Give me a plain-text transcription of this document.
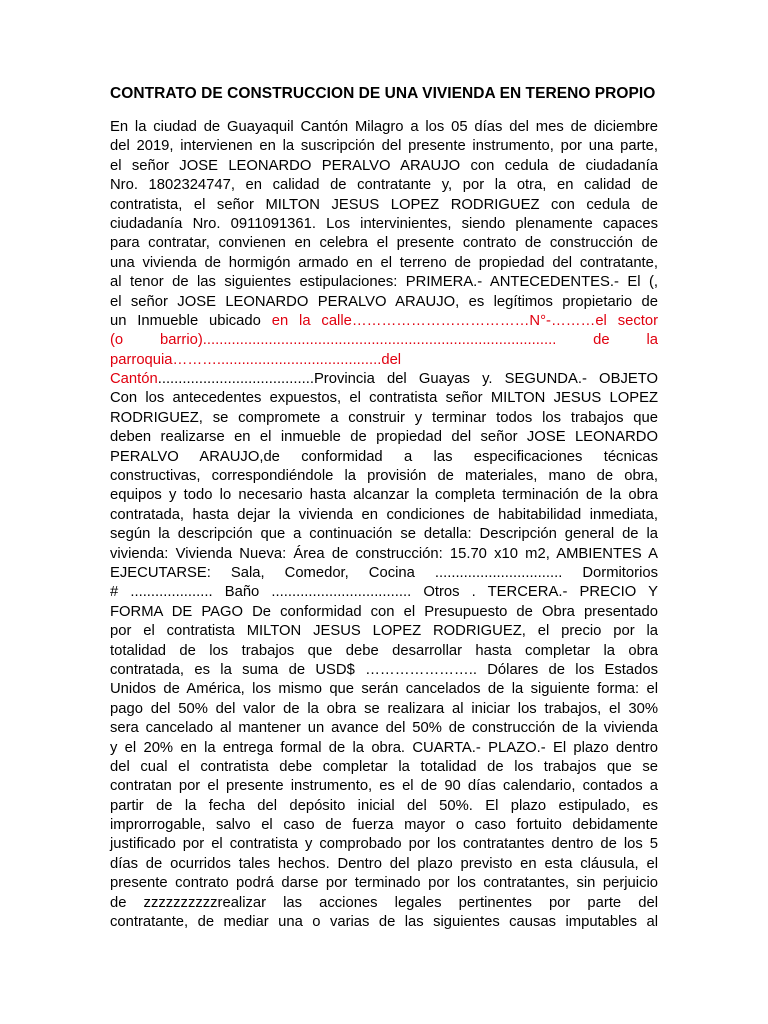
CONTRATO DE CONSTRUCCION DE UNA VIVIENDA EN TERENO PROPIO
En la ciudad de Guayaquil Cantón Milagro a los 05 días del mes de diciembre
del 2019, intervienen en la suscripción del presente instrumento, por una parte,
el señor JOSE LEONARDO PERALVO ARAUJO con cedula de ciudadanía
Nro. 1802324747, en calidad de contratante y, por la otra, en calidad de
contratista, el señor MILTON JESUS LOPEZ RODRIGUEZ con cedula de
ciudadanía Nro. 0911091361. Los intervinientes, siendo plenamente capaces
para contratar, convienen en celebra el presente contrato de construcción de
una vivienda de hormigón armado en el terreno de propiedad del contratante,
al tenor de las siguientes estipulaciones: PRIMERA.- ANTECEDENTES.- El (,
el señor JOSE LEONARDO PERALVO ARAUJO, es legítimos propietario de
un Inmueble ubicado en la calle………………………………N°-………el sector
(o barrio)...................................................................................... de la
parroquia………........................................del
Cantón......................................Provincia del Guayas y. SEGUNDA.- OBJETO
Con los antecedentes expuestos, el contratista señor MILTON JESUS LOPEZ
RODRIGUEZ, se compromete a construir y terminar todos los trabajos que
deben realizarse en el inmueble de propiedad del señor JOSE LEONARDO
PERALVO ARAUJO,de conformidad a las especificaciones técnicas
constructivas, correspondiéndole la provisión de materiales, mano de obra,
equipos y todo lo necesario hasta alcanzar la completa terminación de la obra
contratada, hasta dejar la vivienda en condiciones de habitabilidad inmediata,
según la descripción que a continuación se detalla: Descripción general de la
vivienda: Vivienda Nueva: Área de construcción: 15.70 x10 m2, AMBIENTES A
EJECUTARSE: Sala, Comedor, Cocina ............................... Dormitorios
# .................... Baño .................................. Otros . TERCERA.- PRECIO Y
FORMA DE PAGO De conformidad con el Presupuesto de Obra presentado
por el contratista MILTON JESUS LOPEZ RODRIGUEZ, el precio por la
totalidad de los trabajos que debe desarrollar hasta completar la obra
contratada, es la suma de USD$ ………………….. Dólares de los Estados
Unidos de América, los mismo que serán cancelados de la siguiente forma: el
pago del 50% del valor de la obra se realizara al iniciar los trabajos, el 30%
sera cancelado al mantener un avance del 50% de construcción de la vivienda
y el 20% en la entrega formal de la obra. CUARTA.- PLAZO.- El plazo dentro
del cual el contratista debe completar la totalidad de los trabajos que se
contratan por el presente instrumento, es el de 90 días calendario, contados a
partir de la fecha del depósito inicial del 50%. El plazo estipulado, es
improrrogable, salvo el caso de fuerza mayor o caso fortuito debidamente
justificado por el contratista y comprobado por los contratantes dentro de los 5
días de ocurridos tales hechos. Dentro del plazo previsto en esta cláusula, el
presente contrato podrá darse por terminado por los contratantes, sin perjuicio
de zzzzzzzzzzrealizar las acciones legales pertinentes por parte del
contratante, de mediar una o varias de las siguientes causas imputables al
